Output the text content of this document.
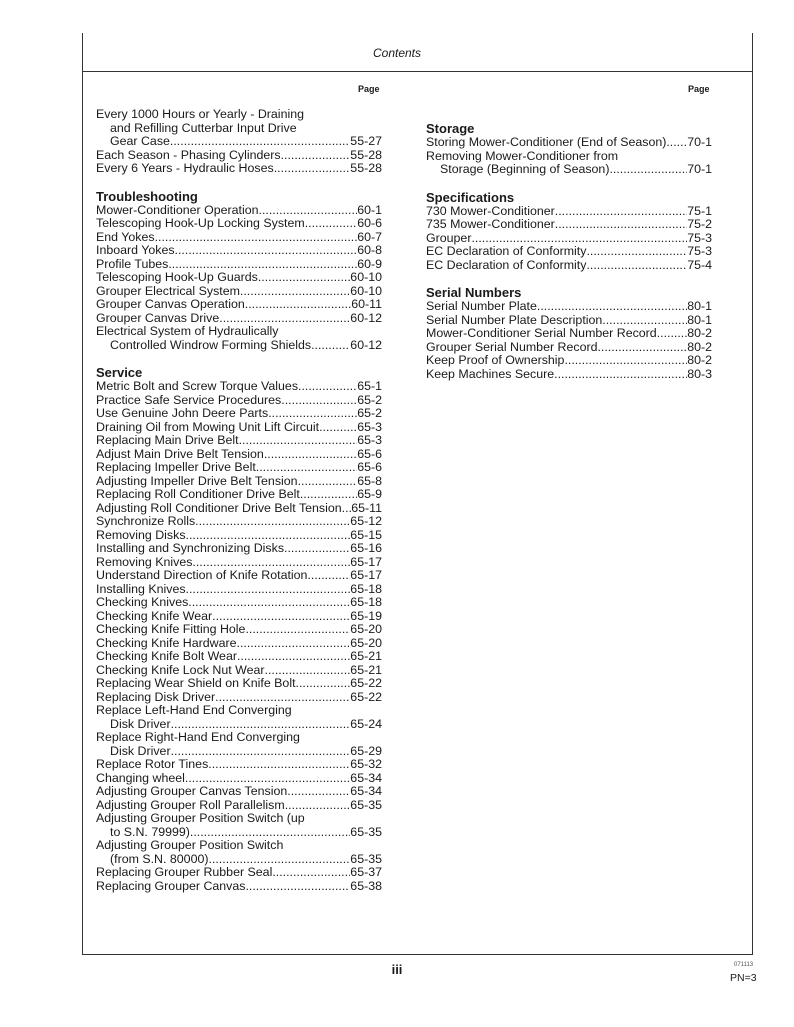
Contents
Page	Page
Every 1000 Hours or Yearly - Draining
and Refilling Cutterbar Input Drive
Gear Case .....	55-27
Each Season - Phasing Cylinders .....	55-28
Every 6 Years - Hydraulic Hoses .....	55-28
Troubleshooting
Mower-Conditioner Operation .....	60-1
Telescoping Hook-Up Locking System .....	60-6
End Yokes .....	60-7
Inboard Yokes .....	60-8
Profile Tubes .....	60-9
Telescoping Hook-Up Guards .....	60-10
Grouper Electrical System .....	60-10
Grouper Canvas Operation .....	60-11
Grouper Canvas Drive .....	60-12
Electrical System of Hydraulically
Controlled Windrow Forming Shields .....	60-12
Service
Metric Bolt and Screw Torque Values .....	65-1
Practice Safe Service Procedures .....	65-2
Use Genuine John Deere Parts .....	65-2
Draining Oil from Mowing Unit Lift Circuit .....	65-3
Replacing Main Drive Belt .....	65-3
Adjust Main Drive Belt Tension .....	65-6
Replacing Impeller Drive Belt .....	65-6
Adjusting Impeller Drive Belt Tension .....	65-8
Replacing Roll Conditioner Drive Belt .....	65-9
Adjusting Roll Conditioner Drive Belt Tension ..... 65-11
Synchronize Rolls .....	65-12
Removing Disks .....	65-15
Installing and Synchronizing Disks .....	65-16
Removing Knives .....	65-17
Understand Direction of Knife Rotation .....	65-17
Installing Knives .....	65-18
Checking Knives .....	65-18
Checking Knife Wear .....	65-19
Checking Knife Fitting Hole .....	65-20
Checking Knife Hardware .....	65-20
Checking Knife Bolt Wear .....	65-21
Checking Knife Lock Nut Wear .....	65-21
Replacing Wear Shield on Knife Bolt .....	65-22
Replacing Disk Driver .....	65-22
Replace Left-Hand End Converging
Disk Driver .....	65-24
Replace Right-Hand End Converging
Disk Driver .....	65-29
Replace Rotor Tines .....	65-32
Changing wheel .....	65-34
Adjusting Grouper Canvas Tension .....	65-34
Adjusting Grouper Roll Parallelism .....	65-35
Adjusting Grouper Position Switch (up
to S.N. 79999) .....	65-35
Adjusting Grouper Position Switch
(from S.N. 80000) .....	65-35
Replacing Grouper Rubber Seal .....	65-37
Replacing Grouper Canvas .....	65-38
Storage
Storing Mower-Conditioner (End of Season) ..... 70-1
Removing Mower-Conditioner from
Storage (Beginning of Season) .....	70-1
Specifications
730 Mower-Conditioner .....	75-1
735 Mower-Conditioner .....	75-2
Grouper .....	75-3
EC Declaration of Conformity .....	75-3
EC Declaration of Conformity .....	75-4
Serial Numbers
Serial Number Plate .....	80-1
Serial Number Plate Description .....	80-1
Mower-Conditioner Serial Number Record ..... 80-2
Grouper Serial Number Record .....	80-2
Keep Proof of Ownership .....	80-2
Keep Machines Secure .....	80-3
iii	071113
PN=3
